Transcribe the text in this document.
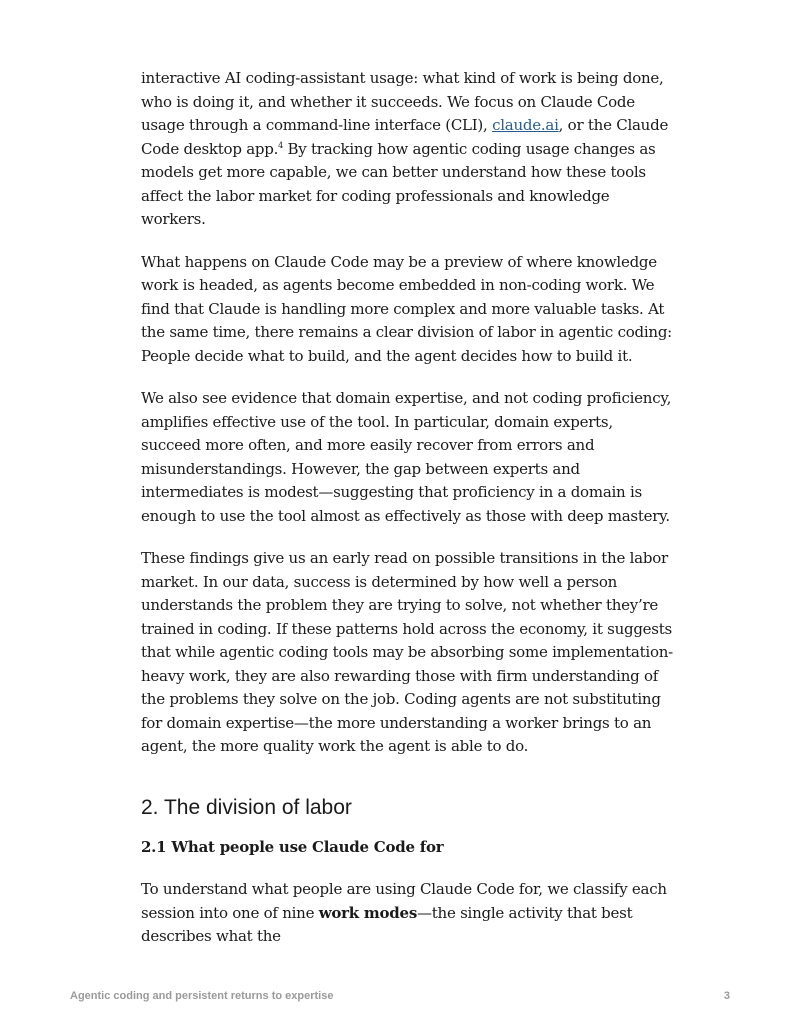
interactive AI coding-assistant usage: what kind of work is being done, who is doing it, and whether it succeeds. We focus on Claude Code usage through a command-line interface (CLI), claude.ai, or the Claude Code desktop app.$^4$ By tracking how agentic coding usage changes as models get more capable, we can better understand how these tools affect the labor market for coding professionals and knowledge workers.

What happens on Claude Code may be a preview of where knowledge work is headed, as agents become embedded in non-coding work. We find that Claude is handling more complex and more valuable tasks. At the same time, there remains a clear division of labor in agentic coding: People decide what to build, and the agent decides how to build it.

We also see evidence that domain expertise, and not coding proficiency, amplifies effective use of the tool. In particular, domain experts, succeed more often, and more easily recover from errors and misunderstandings. However, the gap between experts and intermediates is modest—suggesting that proficiency in a domain is enough to use the tool almost as effectively as those with deep mastery.

These findings give us an early read on possible transitions in the labor market. In our data, success is determined by how well a person understands the problem they are trying to solve, not whether they’re trained in coding. If these patterns hold across the economy, it suggests that while agentic coding tools may be absorbing some implementation-heavy work, they are also rewarding those with firm understanding of the problems they solve on the job. Coding agents are not substituting for domain expertise—the more understanding a worker brings to an agent, the more quality work the agent is able to do.

2. The division of labor

2.1 What people use Claude Code for

To understand what people are using Claude Code for, we classify each session into one of nine work modes—the single activity that best describes what the

Agentic coding and persistent returns to expertise	3
